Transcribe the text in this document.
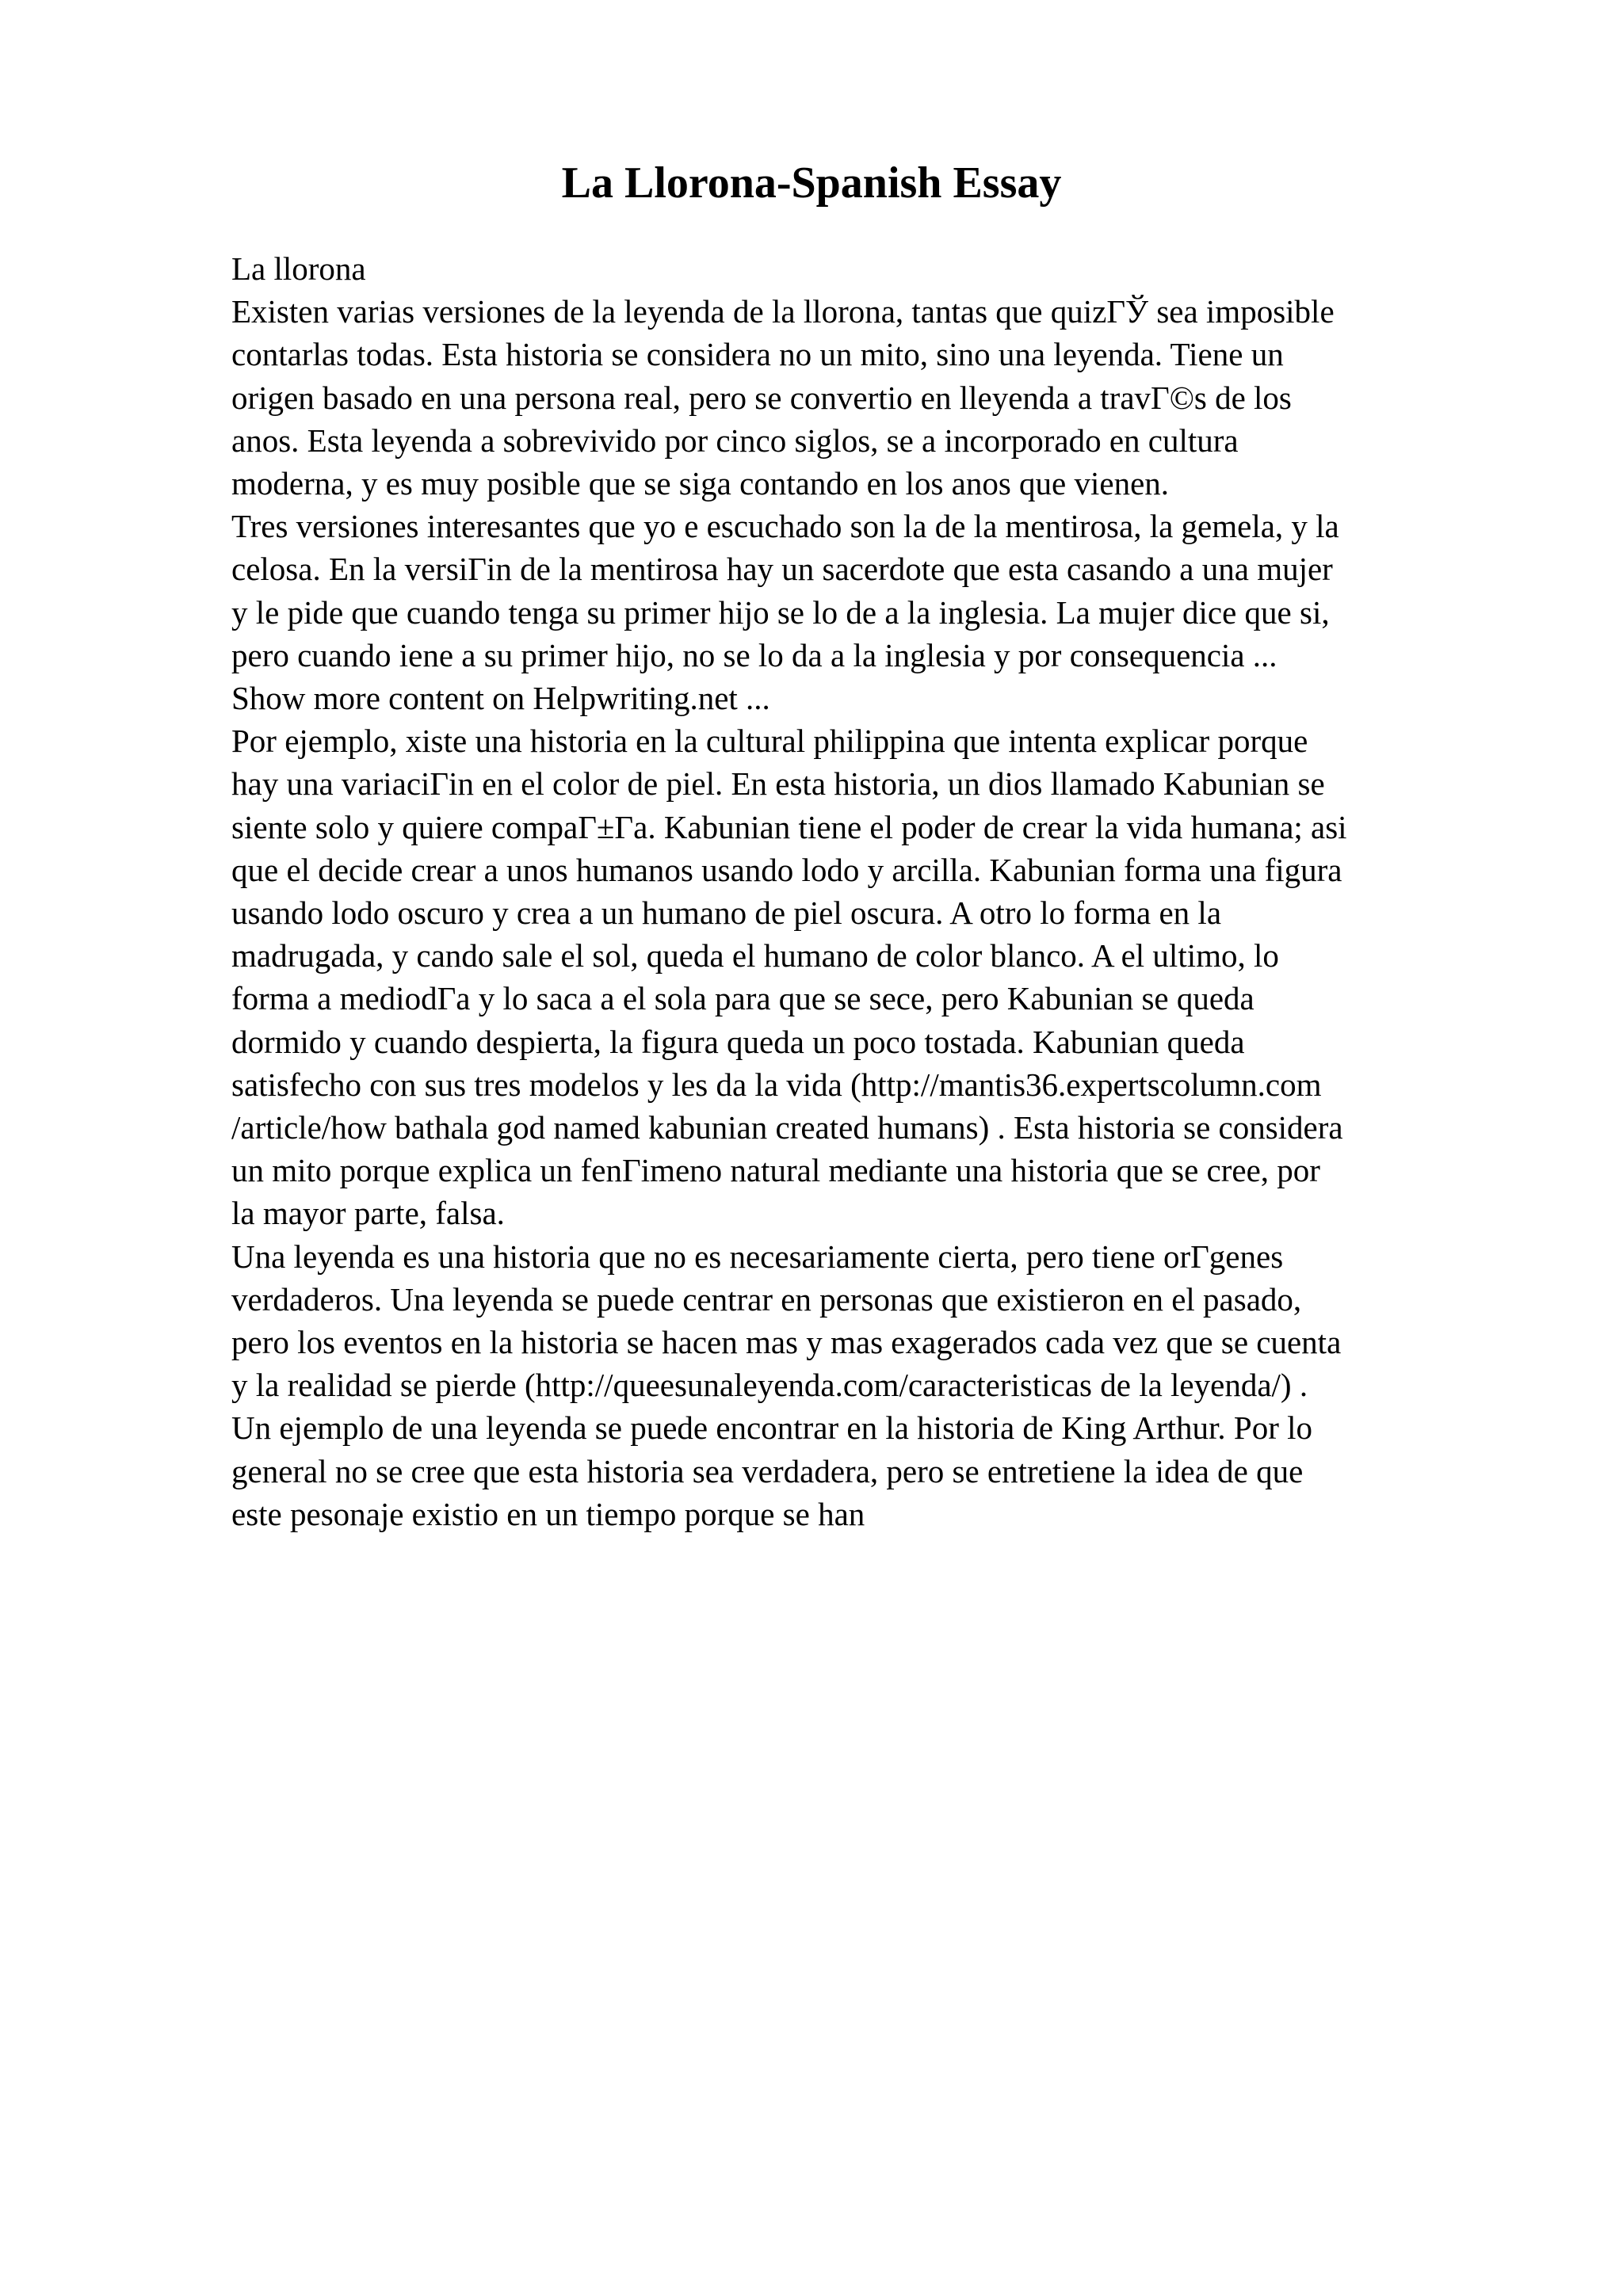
La Llorona-Spanish Essay
La llorona
Existen varias versiones de la leyenda de la llorona, tantas que quizГЎ sea imposible
contarlas todas. Esta historia se considera no un mito, sino una leyenda. Tiene un
origen basado en una persona real, pero se convertio en lleyenda a travГ©s de los
anos. Esta leyenda a sobrevivido por cinco siglos, se a incorporado en cultura
moderna, y es muy posible que se siga contando en los anos que vienen.
Tres versiones interesantes que yo e escuchado son la de la mentirosa, la gemela, y la
celosa. En la versiГіn de la mentirosa hay un sacerdote que esta casando a una mujer
y le pide que cuando tenga su primer hijo se lo de a la inglesia. La mujer dice que si,
pero cuando iene a su primer hijo, no se lo da a la inglesia y por consequencia ...
Show more content on Helpwriting.net ...
Por ejemplo, xiste una historia en la cultural philippina que intenta explicar porque
hay una variaciГіn en el color de piel. En esta historia, un dios llamado Kabunian se
siente solo y quiere compaГ±Гa. Kabunian tiene el poder de crear la vida humana; asi
que el decide crear a unos humanos usando lodo y arcilla. Kabunian forma una figura
usando lodo oscuro y crea a un humano de piel oscura. A otro lo forma en la
madrugada, y cando sale el sol, queda el humano de color blanco. A el ultimo, lo
forma a mediodГa y lo saca a el sola para que se sece, pero Kabunian se queda
dormido y cuando despierta, la figura queda un poco tostada. Kabunian queda
satisfecho con sus tres modelos y les da la vida (http://mantis36.expertscolumn.com
/article/how bathala god named kabunian created humans) . Esta historia se considera
un mito porque explica un fenГіmeno natural mediante una historia que se cree, por
la mayor parte, falsa.
Una leyenda es una historia que no es necesariamente cierta, pero tiene orГgenes
verdaderos. Una leyenda se puede centrar en personas que existieron en el pasado,
pero los eventos en la historia se hacen mas y mas exagerados cada vez que se cuenta
y la realidad se pierde (http://queesunaleyenda.com/caracteristicas de la leyenda/) .
Un ejemplo de una leyenda se puede encontrar en la historia de King Arthur. Por lo
general no se cree que esta historia sea verdadera, pero se entretiene la idea de que
este pesonaje existio en un tiempo porque se han
